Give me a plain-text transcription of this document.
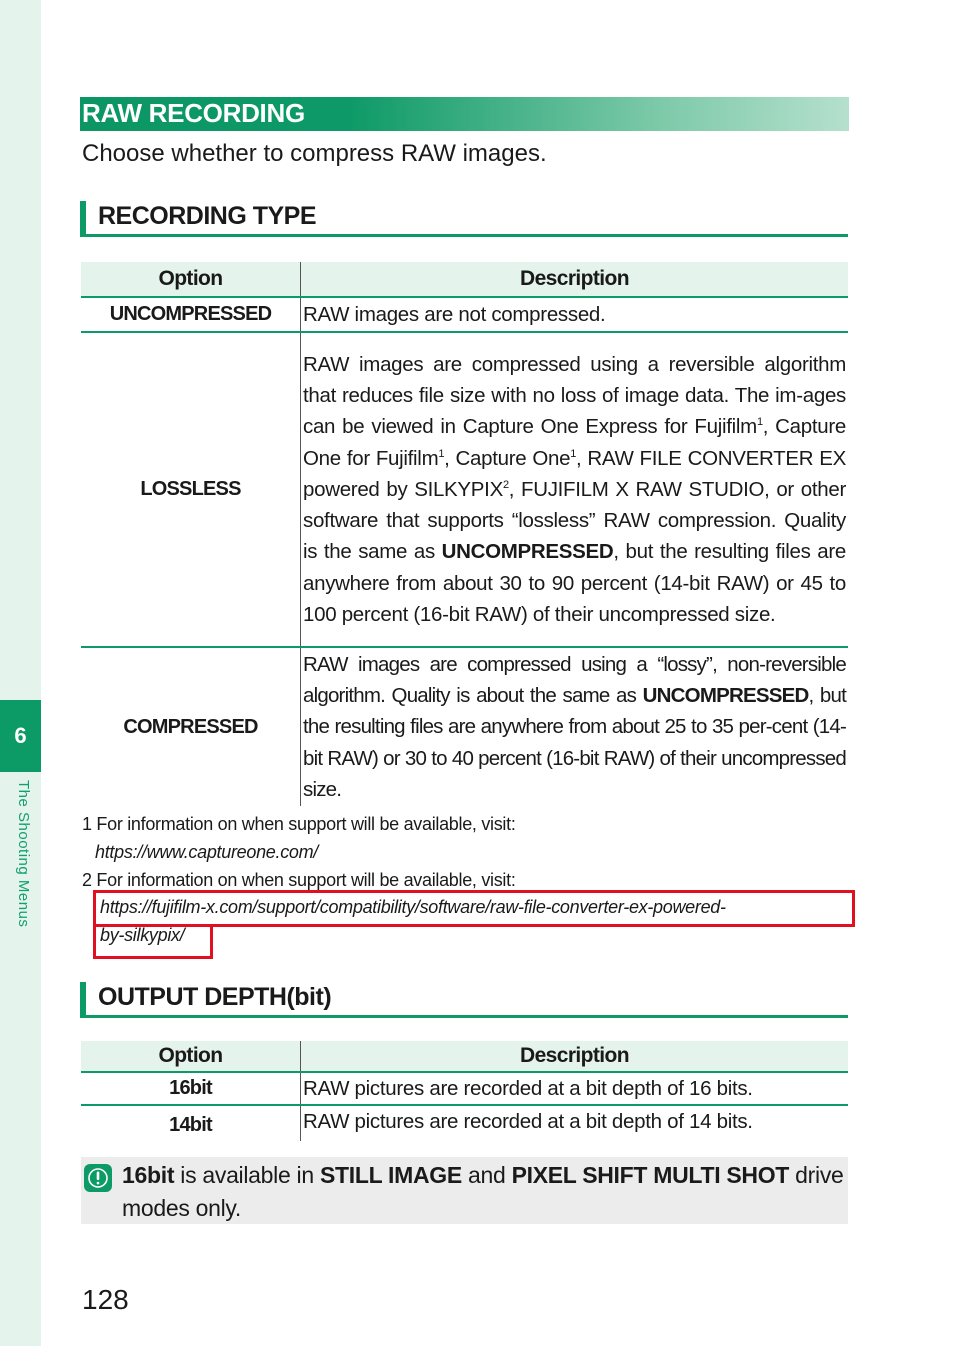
6
The Shooting Menus
RAW RECORDING
Choose whether to compress RAW images.
RECORDING TYPE
Option	Description
UNCOMPRESSED	RAW images are not compressed.
LOSSLESS	RAW images are compressed using a reversible algorithm that reduces file size with no loss of image data. The im-ages can be viewed in Capture One Express for Fujifilm$^1$, Capture One for Fujifilm$^1$, Capture One$^1$, RAW FILE CONVERTER EX powered by SILKYPIX$^2$, FUJIFILM X RAW STUDIO, or other software that supports “lossless” RAW compression. Quality is the same as UNCOMPRESSED, but the resulting files are anywhere from about 30 to 90 percent (14-bit RAW) or 45 to 100 percent (16-bit RAW) of their uncompressed size.
COMPRESSED	RAW images are compressed using a “lossy”, non-reversible algorithm. Quality is about the same as UNCOMPRESSED, but the resulting files are anywhere from about 25 to 35 per-cent (14-bit RAW) or 30 to 40 percent (16-bit RAW) of their uncompressed size.
1 For information on when support will be available, visit:
https://www.captureone.com/
2 For information on when support will be available, visit:
https://fujifilm-x.com/support/compatibility/software/raw-file-converter-ex-powered-
by-silkypix/
OUTPUT DEPTH(bit)
Option	Description
16bit	RAW pictures are recorded at a bit depth of 16 bits.
14bit	RAW pictures are recorded at a bit depth of 14 bits.
16bit is available in STILL IMAGE and PIXEL SHIFT MULTI SHOT drive modes only.
128
